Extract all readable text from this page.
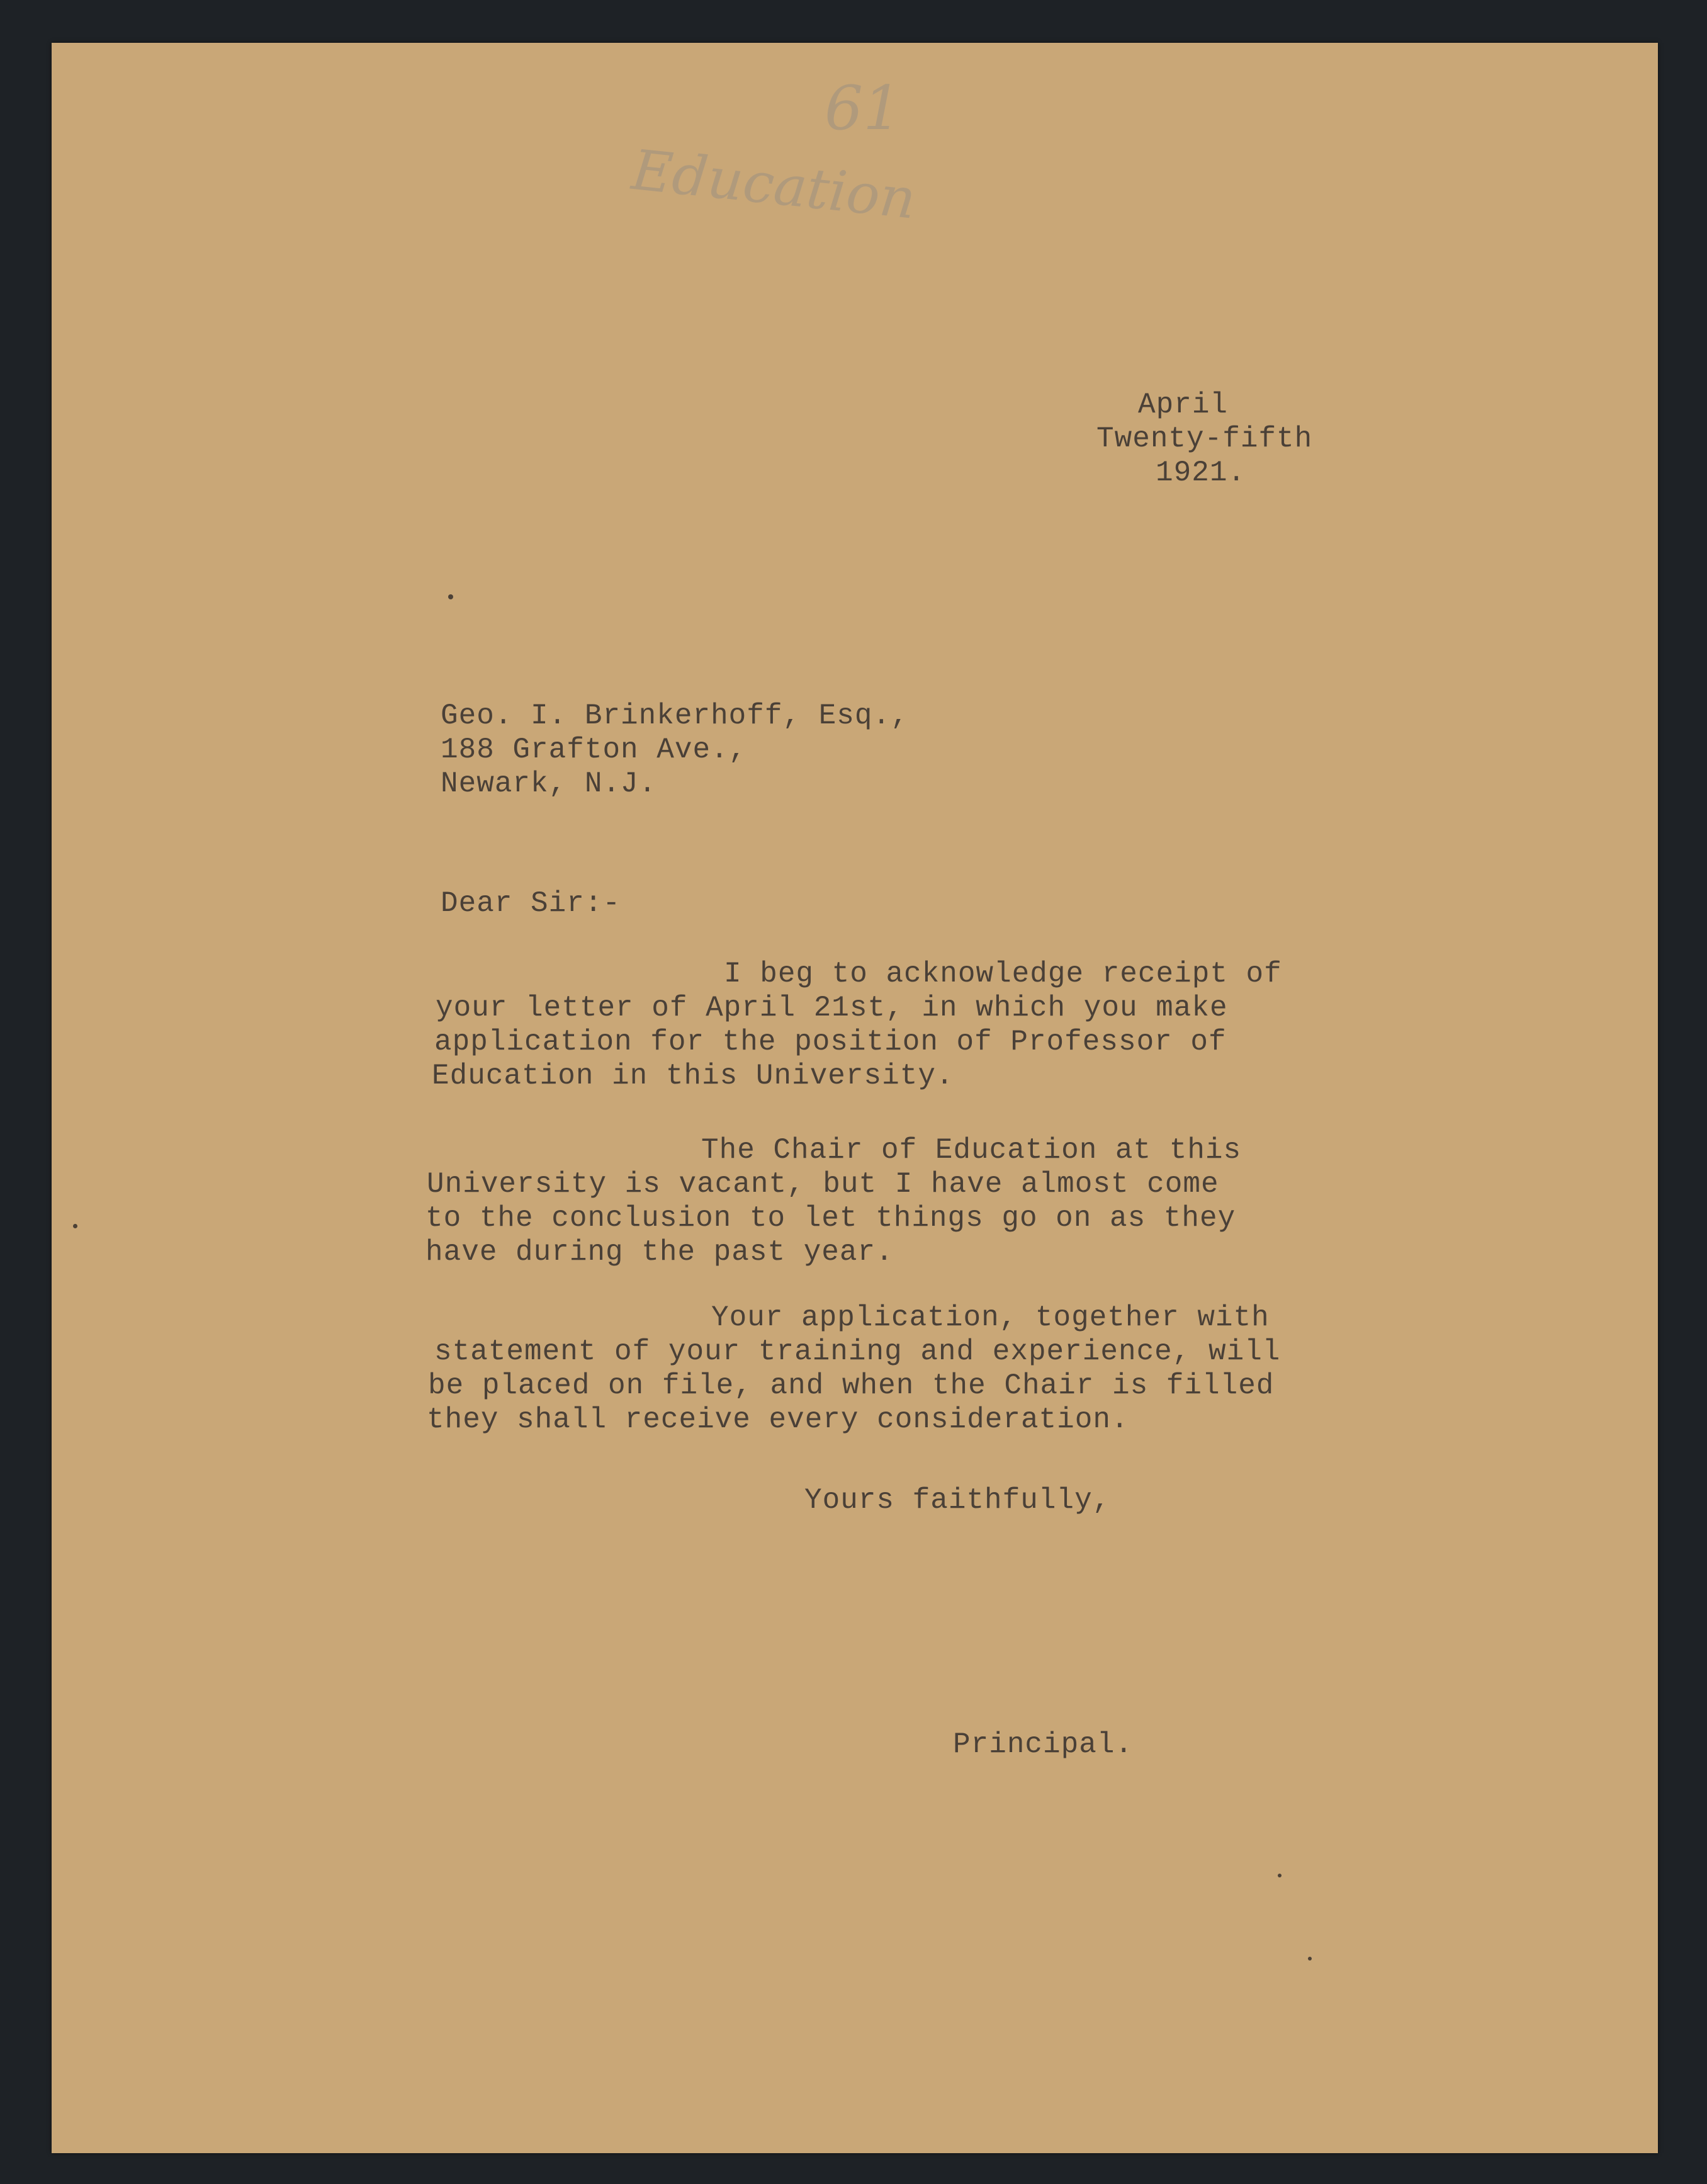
61
Education
April
Twenty-fifth
1921.
Geo. I. Brinkerhoff, Esq.,
188 Grafton Ave.,
Newark, N.J.
Dear Sir:-
I beg to acknowledge receipt of
your letter of April 21st, in which you make
application for the position of Professor of
Education in this University.
The Chair of Education at this
University is vacant, but I have almost come
to the conclusion to let things go on as they
have during the past year.
Your application, together with
statement of your training and experience, will
be placed on file, and when the Chair is filled
they shall receive every consideration.
Yours faithfully,
Principal.
